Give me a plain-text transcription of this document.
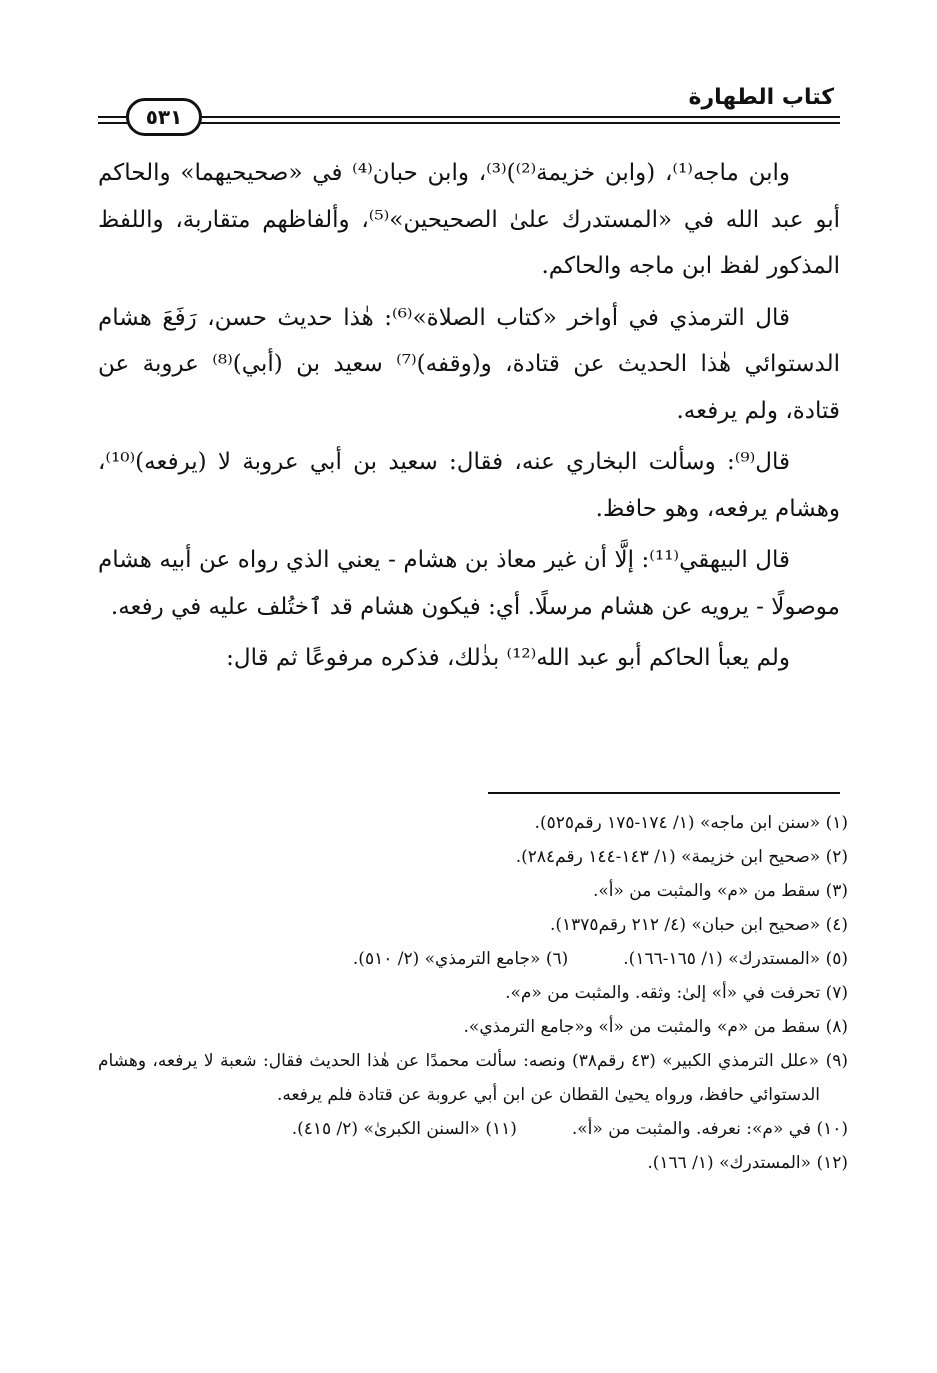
كتاب الطهارة
٥٣١

وابن ماجه⁽¹⁾، (وابن خزيمة⁽²⁾)⁽³⁾، وابن حبان⁽⁴⁾ في «صحيحيهما» والحاكم أبو عبد الله في «المستدرك علىٰ الصحيحين»⁽⁵⁾، وألفاظهم متقاربة، واللفظ المذكور لفظ ابن ماجه والحاكم.

قال الترمذي في أواخر «كتاب الصلاة»⁽⁶⁾: هٰذا حديث حسن، رَفَعَ هشام الدستوائي هٰذا الحديث عن قتادة، و(وقفه)⁽⁷⁾ سعيد بن (أبي)⁽⁸⁾ عروبة عن قتادة، ولم يرفعه.

قال⁽⁹⁾: وسألت البخاري عنه، فقال: سعيد بن أبي عروبة لا (يرفعه)⁽¹⁰⁾، وهشام يرفعه، وهو حافظ.

قال البيهقي⁽¹¹⁾: إلَّا أن غير معاذ بن هشام - يعني الذي رواه عن أبيه هشام موصولًا - يرويه عن هشام مرسلًا. أي: فيكون هشام قد ٱختُلف عليه في رفعه.

ولم يعبأ الحاكم أبو عبد الله⁽¹²⁾ بذٰلك، فذكره مرفوعًا ثم قال:

(١) «سنن ابن ماجه» (١/ ١٧٤-١٧٥ رقم٥٢٥).

(٢) «صحيح ابن خزيمة» (١/ ١٤٣-١٤٤ رقم٢٨٤).

(٣) سقط من «م» والمثبت من «أ».

(٤) «صحيح ابن حبان» (٤/ ٢١٢ رقم١٣٧٥).

(٥) «المستدرك» (١/ ١٦٥-١٦٦).(٦) «جامع الترمذي» (٢/ ٥١٠).

(٧) تحرفت في «أ» إلىٰ: وثقه. والمثبت من «م».

(٨) سقط من «م» والمثبت من «أ» و«جامع الترمذي».

(٩) «علل الترمذي الكبير» (٤٣ رقم٣٨) ونصه: سألت محمدًا عن هٰذا الحديث فقال: شعبة لا يرفعه، وهشام الدستوائي حافظ، ورواه يحيىٰ القطان عن ابن أبي عروبة عن قتادة فلم يرفعه.

(١٠) في «م»: نعرفه. والمثبت من «أ».(١١) «السنن الكبرىٰ» (٢/ ٤١٥).

(١٢) «المستدرك» (١/ ١٦٦).
